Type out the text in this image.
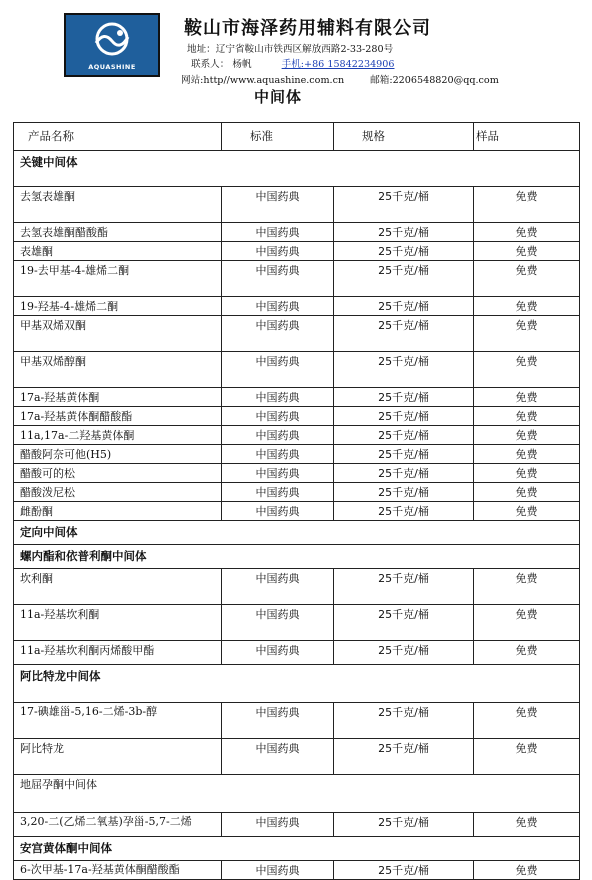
AQUASHINE
鞍山市海泽药用辅料有限公司
地址：辽宁省鞍山市铁西区解放西路2-33-280号
联系人： 杨帆	手机:+86 15842234906
网站:http//www.aquashine.com.cn	邮箱:2206548820@qq.com
中间体
产品名称	标准	规格	样品
关键中间体			
去氢表雄酮	中国药典	25千克/桶	免费
去氢表雄酮醋酸酯	中国药典	25千克/桶	免费
表雄酮	中国药典	25千克/桶	免费
19-去甲基-4-雄烯二酮	中国药典	25千克/桶	免费
19-羟基-4-雄烯二酮	中国药典	25千克/桶	免费
甲基双烯双酮	中国药典	25千克/桶	免费
甲基双烯醇酮	中国药典	25千克/桶	免费
17a-羟基黄体酮	中国药典	25千克/桶	免费
17a-羟基黄体酮醋酸酯	中国药典	25千克/桶	免费
11a,17a-二羟基黄体酮	中国药典	25千克/桶	免费
醋酸阿奈可他(H5)	中国药典	25千克/桶	免费
醋酸可的松	中国药典	25千克/桶	免费
醋酸泼尼松	中国药典	25千克/桶	免费
雌酚酮	中国药典	25千克/桶	免费
定向中间体			
螺内酯和依普利酮中间体			
坎利酮	中国药典	25千克/桶	免费
11a-羟基坎利酮	中国药典	25千克/桶	免费
11a-羟基坎利酮丙烯酸甲酯	中国药典	25千克/桶	免费
阿比特龙中间体			
17-碘雄甾-5,16-二烯-3b-醇	中国药典	25千克/桶	免费
阿比特龙	中国药典	25千克/桶	免费
地屈孕酮中间体			
3,20-二(乙烯二氧基)孕甾-5,7-二烯	中国药典	25千克/桶	免费
安宫黄体酮中间体			
6-次甲基-17a-羟基黄体酮醋酸酯	中国药典	25千克/桶	免费
